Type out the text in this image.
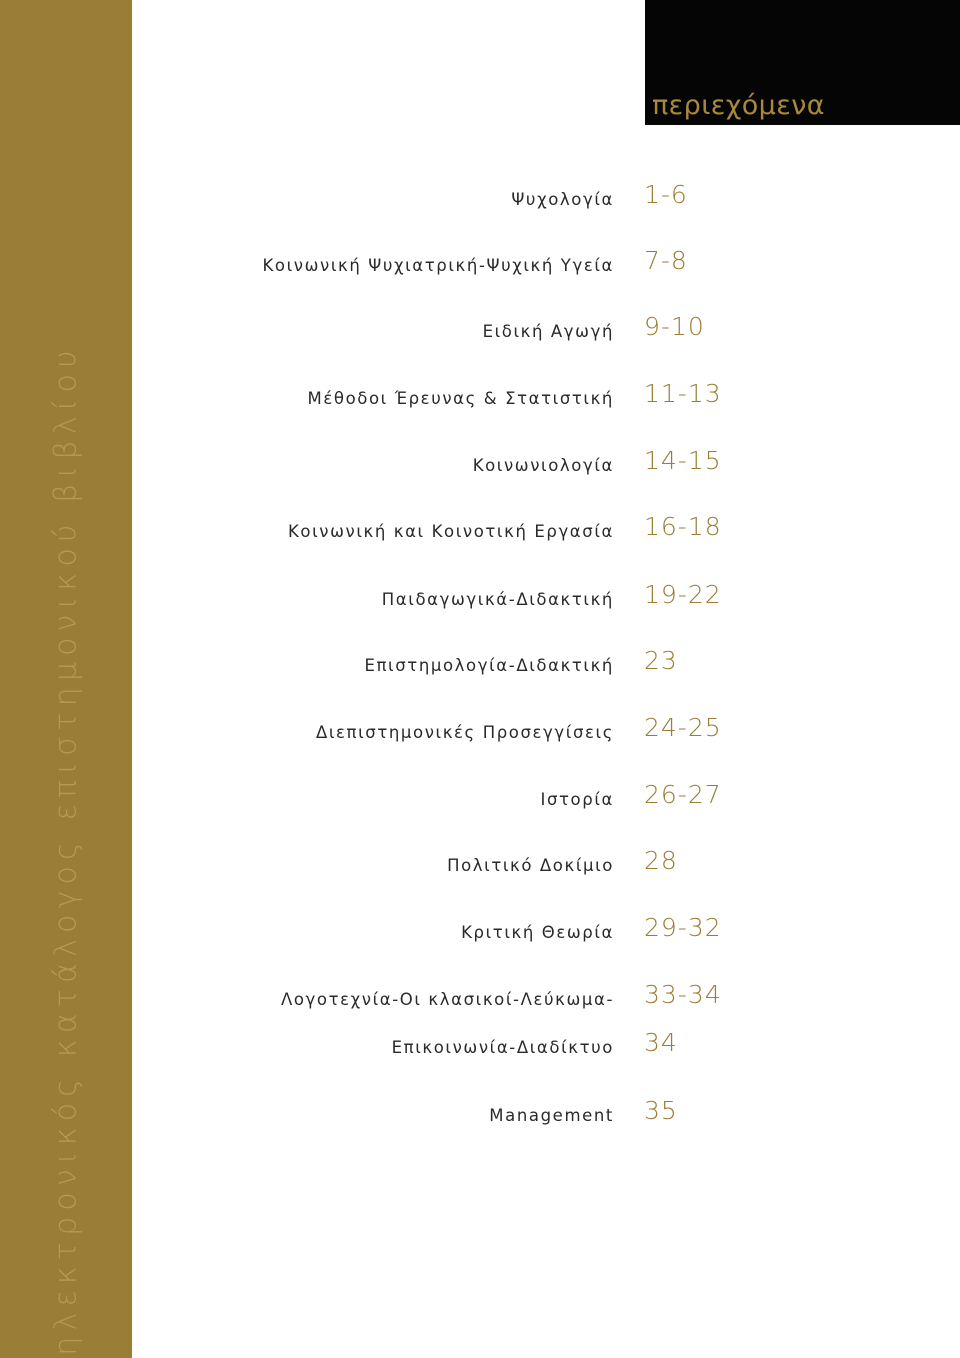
ηλεκτρονικός κατάλογος επιστημονικού βιβλίου
περιεχόμενα
Ψυχολογία 1-6
Κοινωνική Ψυχιατρική-Ψυχική Υγεία 7-8
Ειδική Αγωγή 9-10
Μέθοδοι Έρευνας & Στατιστική 11-13
Κοινωνιολογία 14-15
Κοινωνική και Κοινοτική Εργασία 16-18
Παιδαγωγικά-Διδακτική 19-22
Επιστημολογία-Διδακτική 23
Διεπιστημονικές Προσεγγίσεις 24-25
Ιστορία 26-27
Πολιτικό Δοκίμιο 28
Κριτική Θεωρία 29-32
Λογοτεχνία-Οι κλασικοί-Λεύκωμα- 33-34
Επικοινωνία-Διαδίκτυο 34
Management 35
